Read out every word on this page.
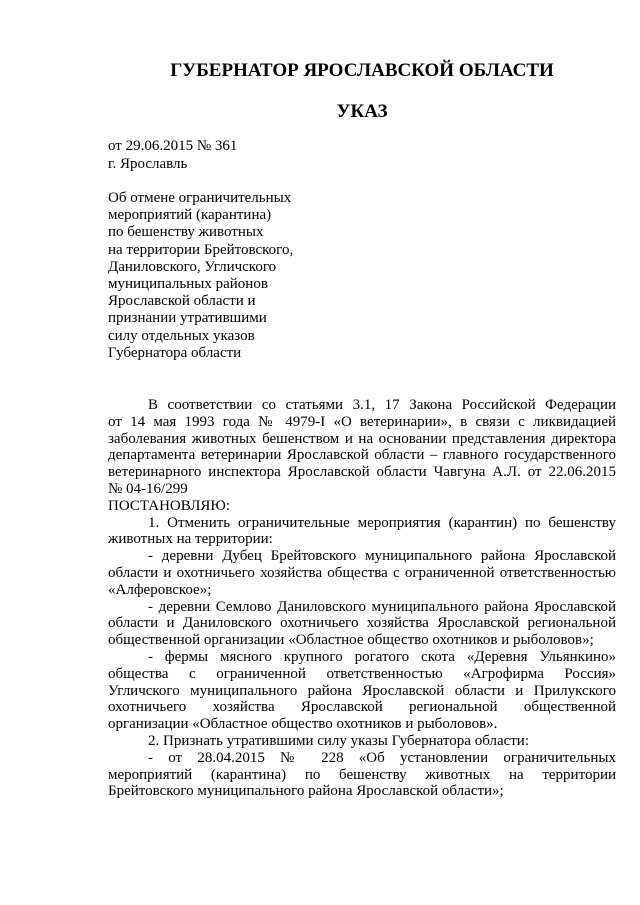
ГУБЕРНАТОР ЯРОСЛАВСКОЙ ОБЛАСТИ
УКАЗ
от 29.06.2015 № 361
г. Ярославль
Об отмене ограничительных
мероприятий (карантина)
по бешенству животных
на территории Брейтовского,
Даниловского, Угличского
муниципальных районов
Ярославской области и
признании утратившими
силу отдельных указов
Губернатора области

В соответствии со статьями 3.1, 17 Закона Российской Федерации

от 14 мая 1993 года № 4979-I «О ветеринарии», в связи с ликвидацией

заболевания животных бешенством и на основании представления директора

департамента ветеринарии Ярославской области – главного государственного

ветеринарного инспектора Ярославской области Чавгуна А.Л. от 22.06.2015

№ 04-16/299

ПОСТАНОВЛЯЮ:

1. Отменить ограничительные мероприятия (карантин) по бешенству

животных на территории:

- деревни Дубец Брейтовского муниципального района Ярославской

области и охотничьего хозяйства общества с ограниченной ответственностью

«Алферовское»;

- деревни Семлово Даниловского муниципального района Ярославской

области и Даниловского охотничьего хозяйства Ярославской региональной

общественной организации «Областное общество охотников и рыболовов»;

- фермы мясного крупного рогатого скота «Деревня Ульянкино»

общества с ограниченной ответственностью «Агрофирма Россия»

Угличского муниципального района Ярославской области и Прилукского

охотничьего хозяйства Ярославской региональной общественной

организации «Областное общество охотников и рыболовов».

2. Признать утратившими силу указы Губернатора области:

- от 28.04.2015 № 228 «Об установлении ограничительных

мероприятий (карантина) по бешенству животных на территории

Брейтовского муниципального района Ярославской области»;
